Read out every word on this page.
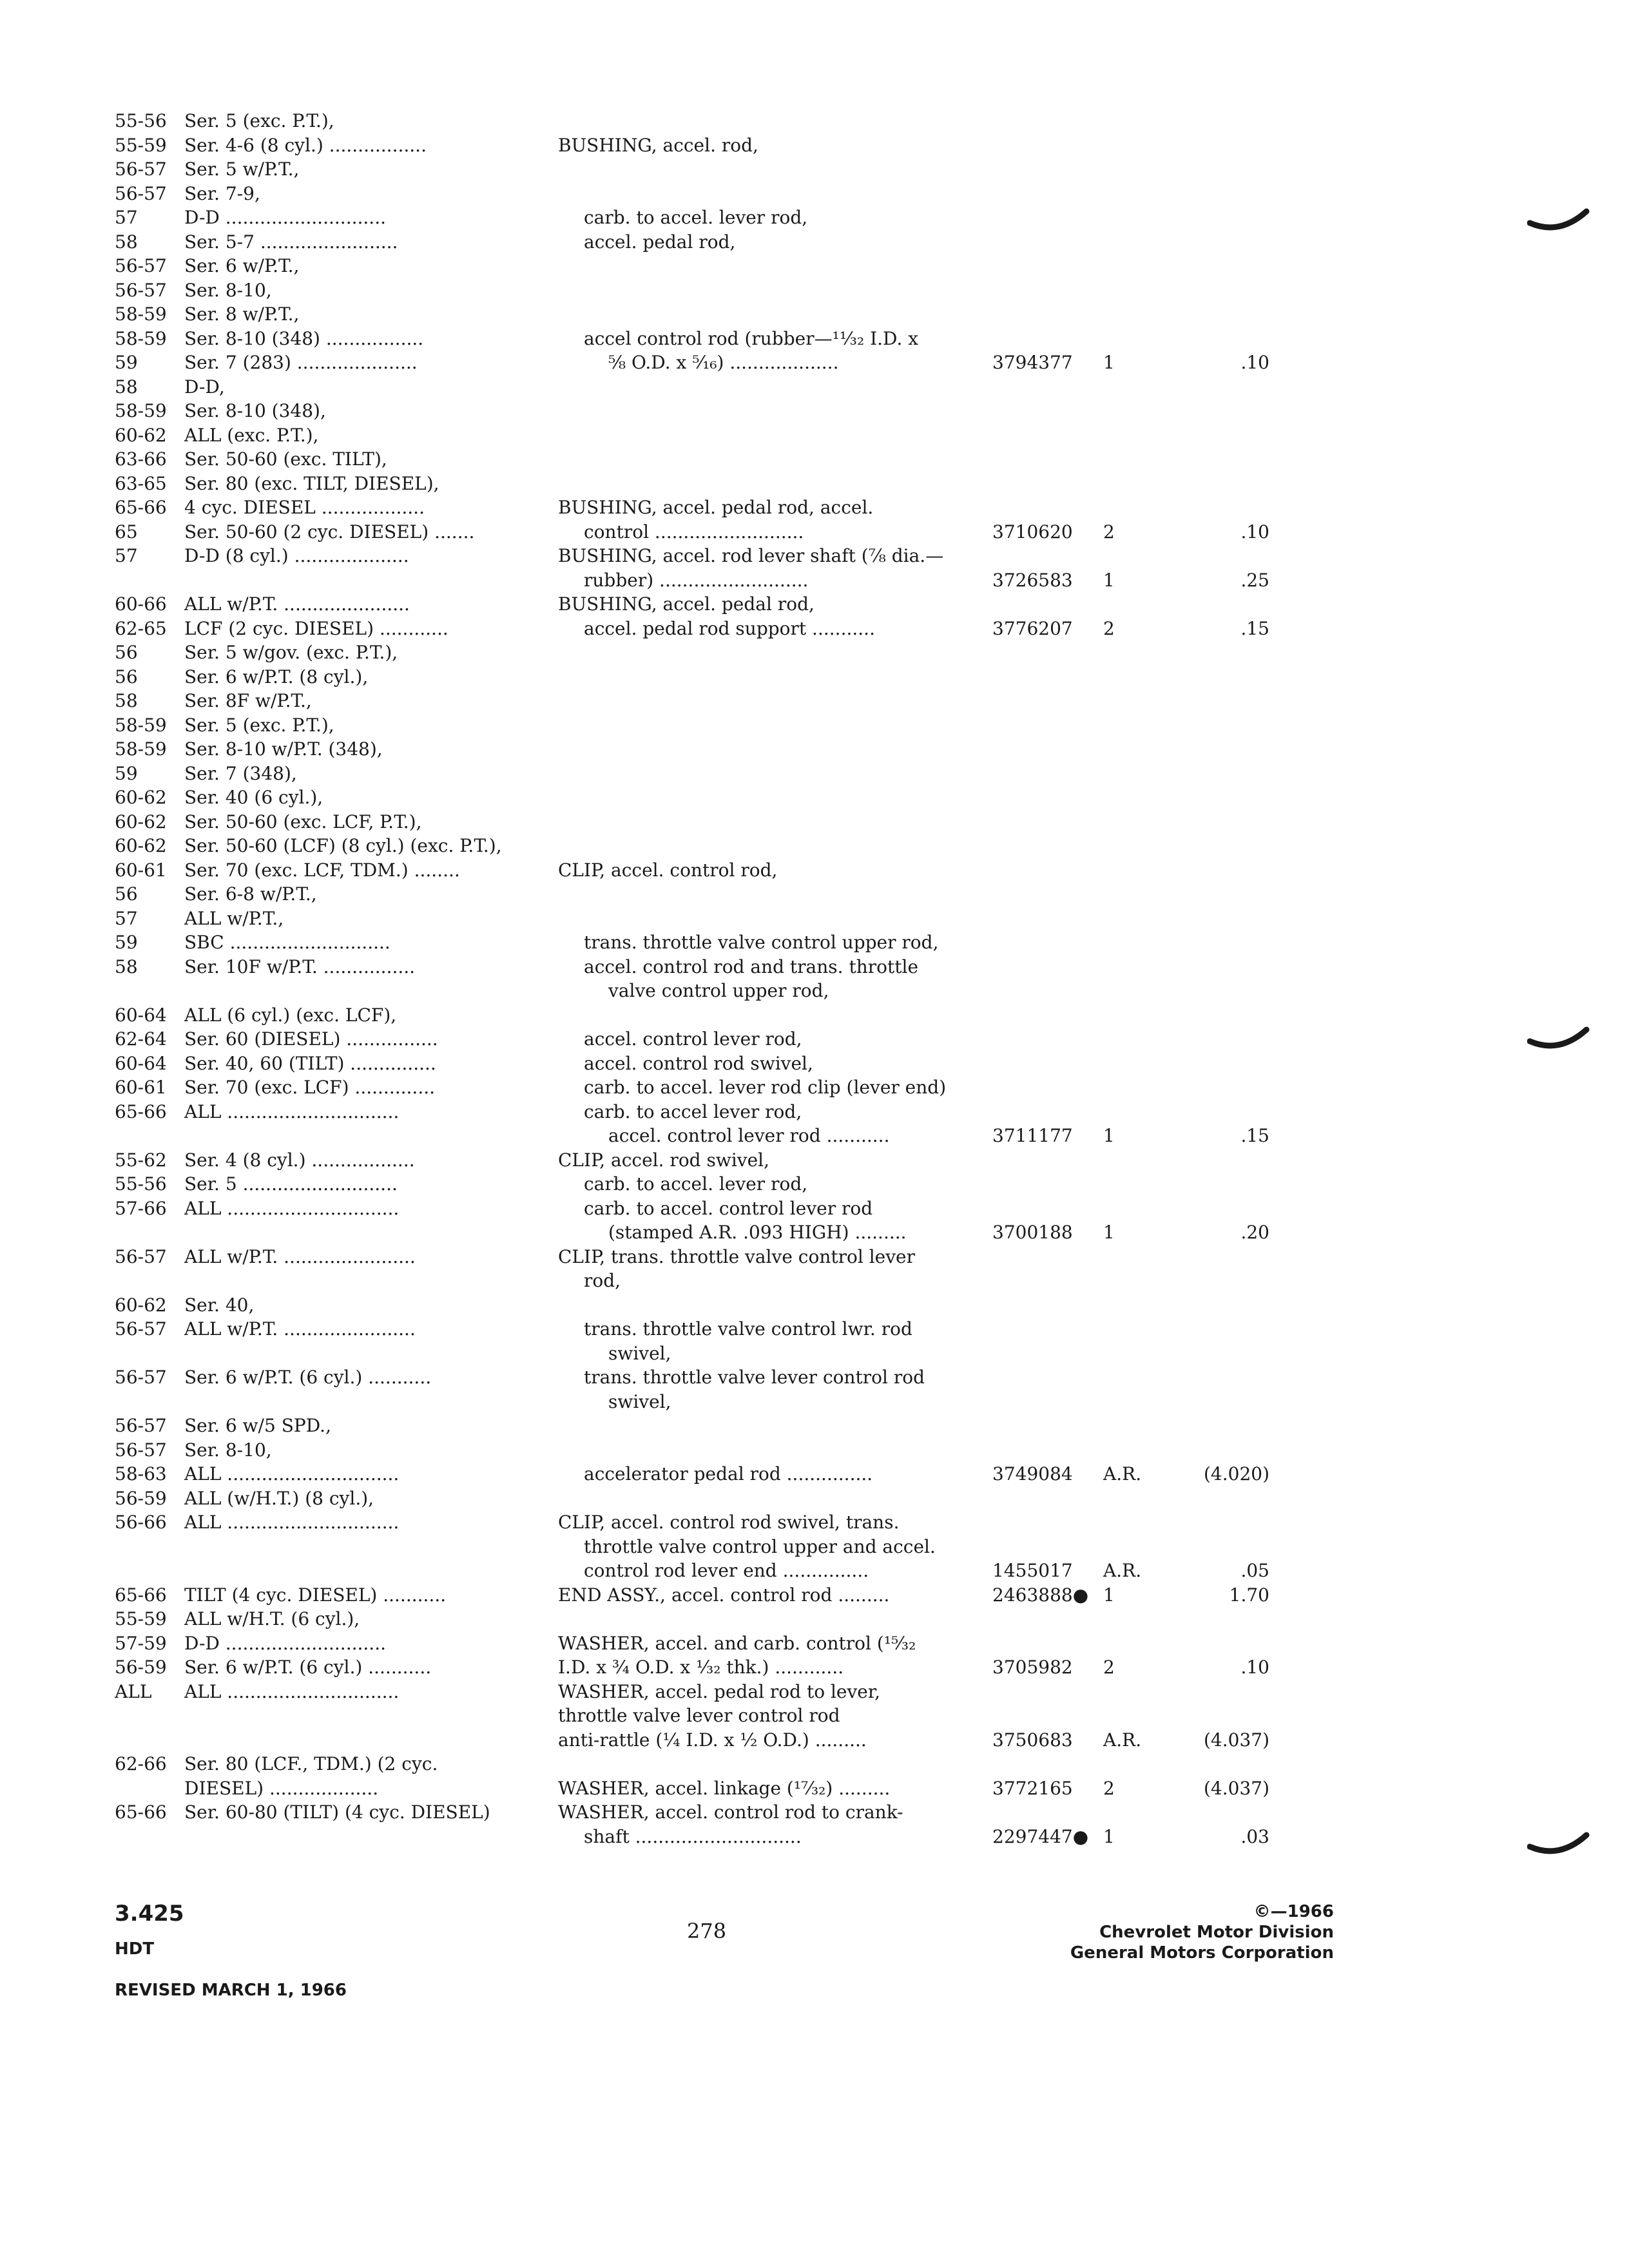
55-56 Ser. 5 (exc. P.T.),
55-59 Ser. 4-6 (8 cyl.) .................	BUSHING, accel. rod,
56-57 Ser. 5 w/P.T.,
56-57 Ser. 7-9,
57	D-D ............................	carb. to accel. lever rod,
58	Ser. 5-7 ........................	accel. pedal rod,
56-57 Ser. 6 w/P.T.,
56-57 Ser. 8-10,
58-59 Ser. 8 w/P.T.,
58-59 Ser. 8-10 (348) .................	accel control rod (rubber—¹¹⁄₃₂ I.D. x
59	Ser. 7 (283) .....................	⅝ O.D. x ⁵⁄₁₆) ...................	3794377 1	.10
58	D-D,
58-59 Ser. 8-10 (348),
60-62 ALL (exc. P.T.),
63-66 Ser. 50-60 (exc. TILT),
63-65 Ser. 80 (exc. TILT, DIESEL),
65-66 4 cyc. DIESEL ..................	BUSHING, accel. pedal rod, accel.
65	Ser. 50-60 (2 cyc. DIESEL) .......	control ..........................	3710620 2	.10
57	D-D (8 cyl.) ....................	BUSHING, accel. rod lever shaft (⅞ dia.—
rubber) ..........................	3726583 1	.25
60-66 ALL w/P.T. ......................	BUSHING, accel. pedal rod,
62-65 LCF (2 cyc. DIESEL) ............	accel. pedal rod support ...........	3776207 2	.15
56	Ser. 5 w/gov. (exc. P.T.),
56	Ser. 6 w/P.T. (8 cyl.),
58	Ser. 8F w/P.T.,
58-59 Ser. 5 (exc. P.T.),
58-59 Ser. 8-10 w/P.T. (348),
59	Ser. 7 (348),
60-62 Ser. 40 (6 cyl.),
60-62 Ser. 50-60 (exc. LCF, P.T.),
60-62 Ser. 50-60 (LCF) (8 cyl.) (exc. P.T.),
60-61 Ser. 70 (exc. LCF, TDM.) ........	CLIP, accel. control rod,
56	Ser. 6-8 w/P.T.,
57	ALL w/P.T.,
59	SBC ............................	trans. throttle valve control upper rod,
58	Ser. 10F w/P.T. ................	accel. control rod and trans. throttle
valve control upper rod,
60-64 ALL (6 cyl.) (exc. LCF),
62-64 Ser. 60 (DIESEL) ................	accel. control lever rod,
60-64 Ser. 40, 60 (TILT) ...............	accel. control rod swivel,
60-61 Ser. 70 (exc. LCF) ..............	carb. to accel. lever rod clip (lever end)
65-66 ALL ..............................	carb. to accel lever rod,
accel. control lever rod ...........	3711177 1	.15
55-62 Ser. 4 (8 cyl.) ..................	CLIP, accel. rod swivel,
55-56 Ser. 5 ...........................	carb. to accel. lever rod,
57-66 ALL ..............................	carb. to accel. control lever rod
(stamped A.R. .093 HIGH) .........	3700188 1	.20
56-57 ALL w/P.T. .......................	CLIP, trans. throttle valve control lever
rod,
60-62 Ser. 40,
56-57 ALL w/P.T. .......................	trans. throttle valve control lwr. rod
swivel,
56-57 Ser. 6 w/P.T. (6 cyl.) ...........	trans. throttle valve lever control rod
swivel,
56-57 Ser. 6 w/5 SPD.,
56-57 Ser. 8-10,
58-63 ALL ..............................	accelerator pedal rod ...............	3749084 A.R.	(4.020)
56-59 ALL (w/H.T.) (8 cyl.),
56-66 ALL ..............................	CLIP, accel. control rod swivel, trans.
throttle valve control upper and accel.
control rod lever end ...............	1455017 A.R.	.05
65-66 TILT (4 cyc. DIESEL) ...........	END ASSY., accel. control rod .........	2463888● 1	1.70
55-59 ALL w/H.T. (6 cyl.),
57-59 D-D ............................	WASHER, accel. and carb. control (¹⁵⁄₃₂
56-59 Ser. 6 w/P.T. (6 cyl.) ...........	I.D. x ¾ O.D. x ¹⁄₃₂ thk.) ............	3705982 2	.10
ALL ALL ..............................	WASHER, accel. pedal rod to lever,
throttle valve lever control rod
anti-rattle (¼ I.D. x ½ O.D.) .........	3750683 A.R.	(4.037)
62-66 Ser. 80 (LCF., TDM.) (2 cyc.
DIESEL) ...................	WASHER, accel. linkage (¹⁷⁄₃₂) .........	3772165 2	(4.037)
65-66 Ser. 60-80 (TILT) (4 cyc. DIESEL)	WASHER, accel. control rod to crank-
shaft .............................	2297447● 1	.03
3.425
HDT
REVISED MARCH 1, 1966
278
©—1966
Chevrolet Motor Division
General Motors Corporation
